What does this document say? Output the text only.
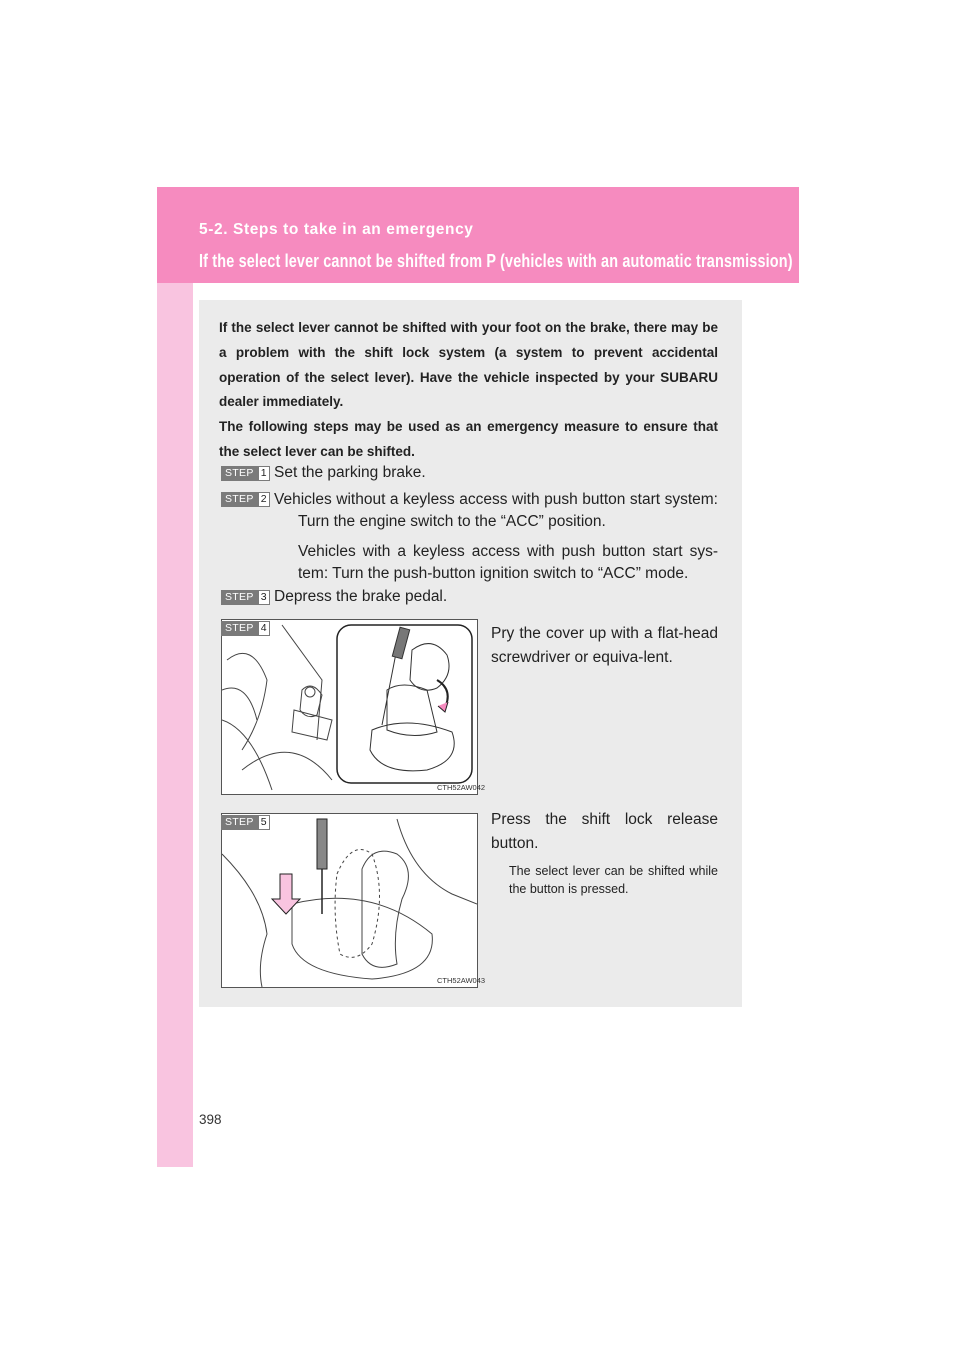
5-2. Steps to take in an emergency
If the select lever cannot be shifted from P (vehicles with an automatic transmission)

If the select lever cannot be shifted with your foot on the brake, there may be a problem with the shift lock system (a system to prevent accidental operation of the select lever). Have the vehicle inspected by your SUBARU dealer immediately.

The following steps may be used as an emergency measure to ensure that the select lever can be shifted.

STEP 1 Set the parking brake.
STEP 2 Vehicles without a keyless access with push button start system: Turn the engine switch to the “ACC” position.
Vehicles with a keyless access with push button start sys-tem: Turn the push-button ignition switch to “ACC” mode.
STEP 3 Depress the brake pedal.
CTH52AW042
STEP 4	Pry the cover up with a flat-head screwdriver or equiva-lent.
CTH52AW043
STEP 5	Press the shift lock release button.
The select lever can be shifted while the button is pressed.
398
